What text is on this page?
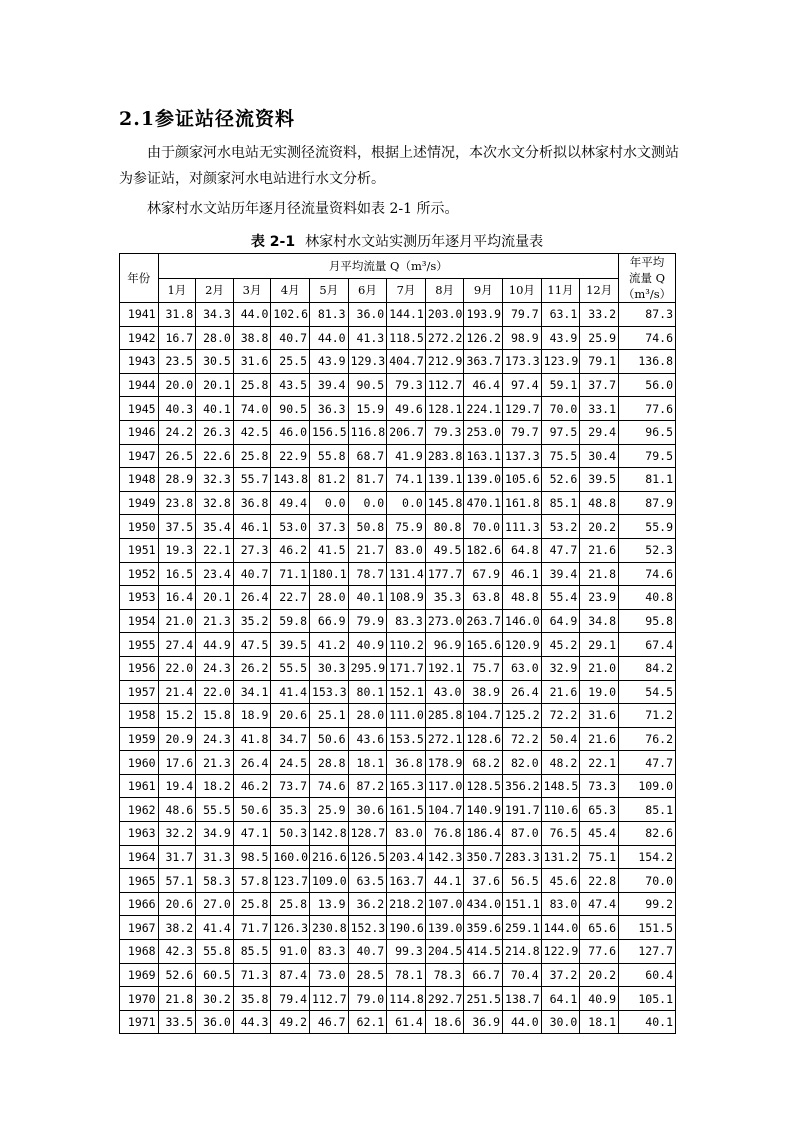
2.1参证站径流资料
由于颜家河水电站无实测径流资料，根据上述情况，本次水文分析拟以林家村水文测站为参证站，对颜家河水电站进行水文分析。
林家村水文站历年逐月径流量资料如表 2-1 所示。
表 2-1 林家村水文站实测历年逐月平均流量表
年份	月平均流量 Q（m³/s）												年平均
流量 Q
（m³/s）

	1月	2月	3月	4月	5月	6月	7月	8月	9月	10月	11月	12月	
1941	31.8	34.3	44.0	102.6	81.3	36.0	144.1	203.0	193.9	79.7	63.1	33.2	87.3
1942	16.7	28.0	38.8	40.7	44.0	41.3	118.5	272.2	126.2	98.9	43.9	25.9	74.6
1943	23.5	30.5	31.6	25.5	43.9	129.3	404.7	212.9	363.7	173.3	123.9	79.1	136.8
1944	20.0	20.1	25.8	43.5	39.4	90.5	79.3	112.7	46.4	97.4	59.1	37.7	56.0
1945	40.3	40.1	74.0	90.5	36.3	15.9	49.6	128.1	224.1	129.7	70.0	33.1	77.6
1946	24.2	26.3	42.5	46.0	156.5	116.8	206.7	79.3	253.0	79.7	97.5	29.4	96.5
1947	26.5	22.6	25.8	22.9	55.8	68.7	41.9	283.8	163.1	137.3	75.5	30.4	79.5
1948	28.9	32.3	55.7	143.8	81.2	81.7	74.1	139.1	139.0	105.6	52.6	39.5	81.1
1949	23.8	32.8	36.8	49.4	0.0	0.0	0.0	145.8	470.1	161.8	85.1	48.8	87.9
1950	37.5	35.4	46.1	53.0	37.3	50.8	75.9	80.8	70.0	111.3	53.2	20.2	55.9
1951	19.3	22.1	27.3	46.2	41.5	21.7	83.0	49.5	182.6	64.8	47.7	21.6	52.3
1952	16.5	23.4	40.7	71.1	180.1	78.7	131.4	177.7	67.9	46.1	39.4	21.8	74.6
1953	16.4	20.1	26.4	22.7	28.0	40.1	108.9	35.3	63.8	48.8	55.4	23.9	40.8
1954	21.0	21.3	35.2	59.8	66.9	79.9	83.3	273.0	263.7	146.0	64.9	34.8	95.8
1955	27.4	44.9	47.5	39.5	41.2	40.9	110.2	96.9	165.6	120.9	45.2	29.1	67.4
1956	22.0	24.3	26.2	55.5	30.3	295.9	171.7	192.1	75.7	63.0	32.9	21.0	84.2
1957	21.4	22.0	34.1	41.4	153.3	80.1	152.1	43.0	38.9	26.4	21.6	19.0	54.5
1958	15.2	15.8	18.9	20.6	25.1	28.0	111.0	285.8	104.7	125.2	72.2	31.6	71.2
1959	20.9	24.3	41.8	34.7	50.6	43.6	153.5	272.1	128.6	72.2	50.4	21.6	76.2
1960	17.6	21.3	26.4	24.5	28.8	18.1	36.8	178.9	68.2	82.0	48.2	22.1	47.7
1961	19.4	18.2	46.2	73.7	74.6	87.2	165.3	117.0	128.5	356.2	148.5	73.3	109.0
1962	48.6	55.5	50.6	35.3	25.9	30.6	161.5	104.7	140.9	191.7	110.6	65.3	85.1
1963	32.2	34.9	47.1	50.3	142.8	128.7	83.0	76.8	186.4	87.0	76.5	45.4	82.6
1964	31.7	31.3	98.5	160.0	216.6	126.5	203.4	142.3	350.7	283.3	131.2	75.1	154.2
1965	57.1	58.3	57.8	123.7	109.0	63.5	163.7	44.1	37.6	56.5	45.6	22.8	70.0
1966	20.6	27.0	25.8	25.8	13.9	36.2	218.2	107.0	434.0	151.1	83.0	47.4	99.2
1967	38.2	41.4	71.7	126.3	230.8	152.3	190.6	139.0	359.6	259.1	144.0	65.6	151.5
1968	42.3	55.8	85.5	91.0	83.3	40.7	99.3	204.5	414.5	214.8	122.9	77.6	127.7
1969	52.6	60.5	71.3	87.4	73.0	28.5	78.1	78.3	66.7	70.4	37.2	20.2	60.4
1970	21.8	30.2	35.8	79.4	112.7	79.0	114.8	292.7	251.5	138.7	64.1	40.9	105.1
1971	33.5	36.0	44.3	49.2	46.7	62.1	61.4	18.6	36.9	44.0	30.0	18.1	40.1
